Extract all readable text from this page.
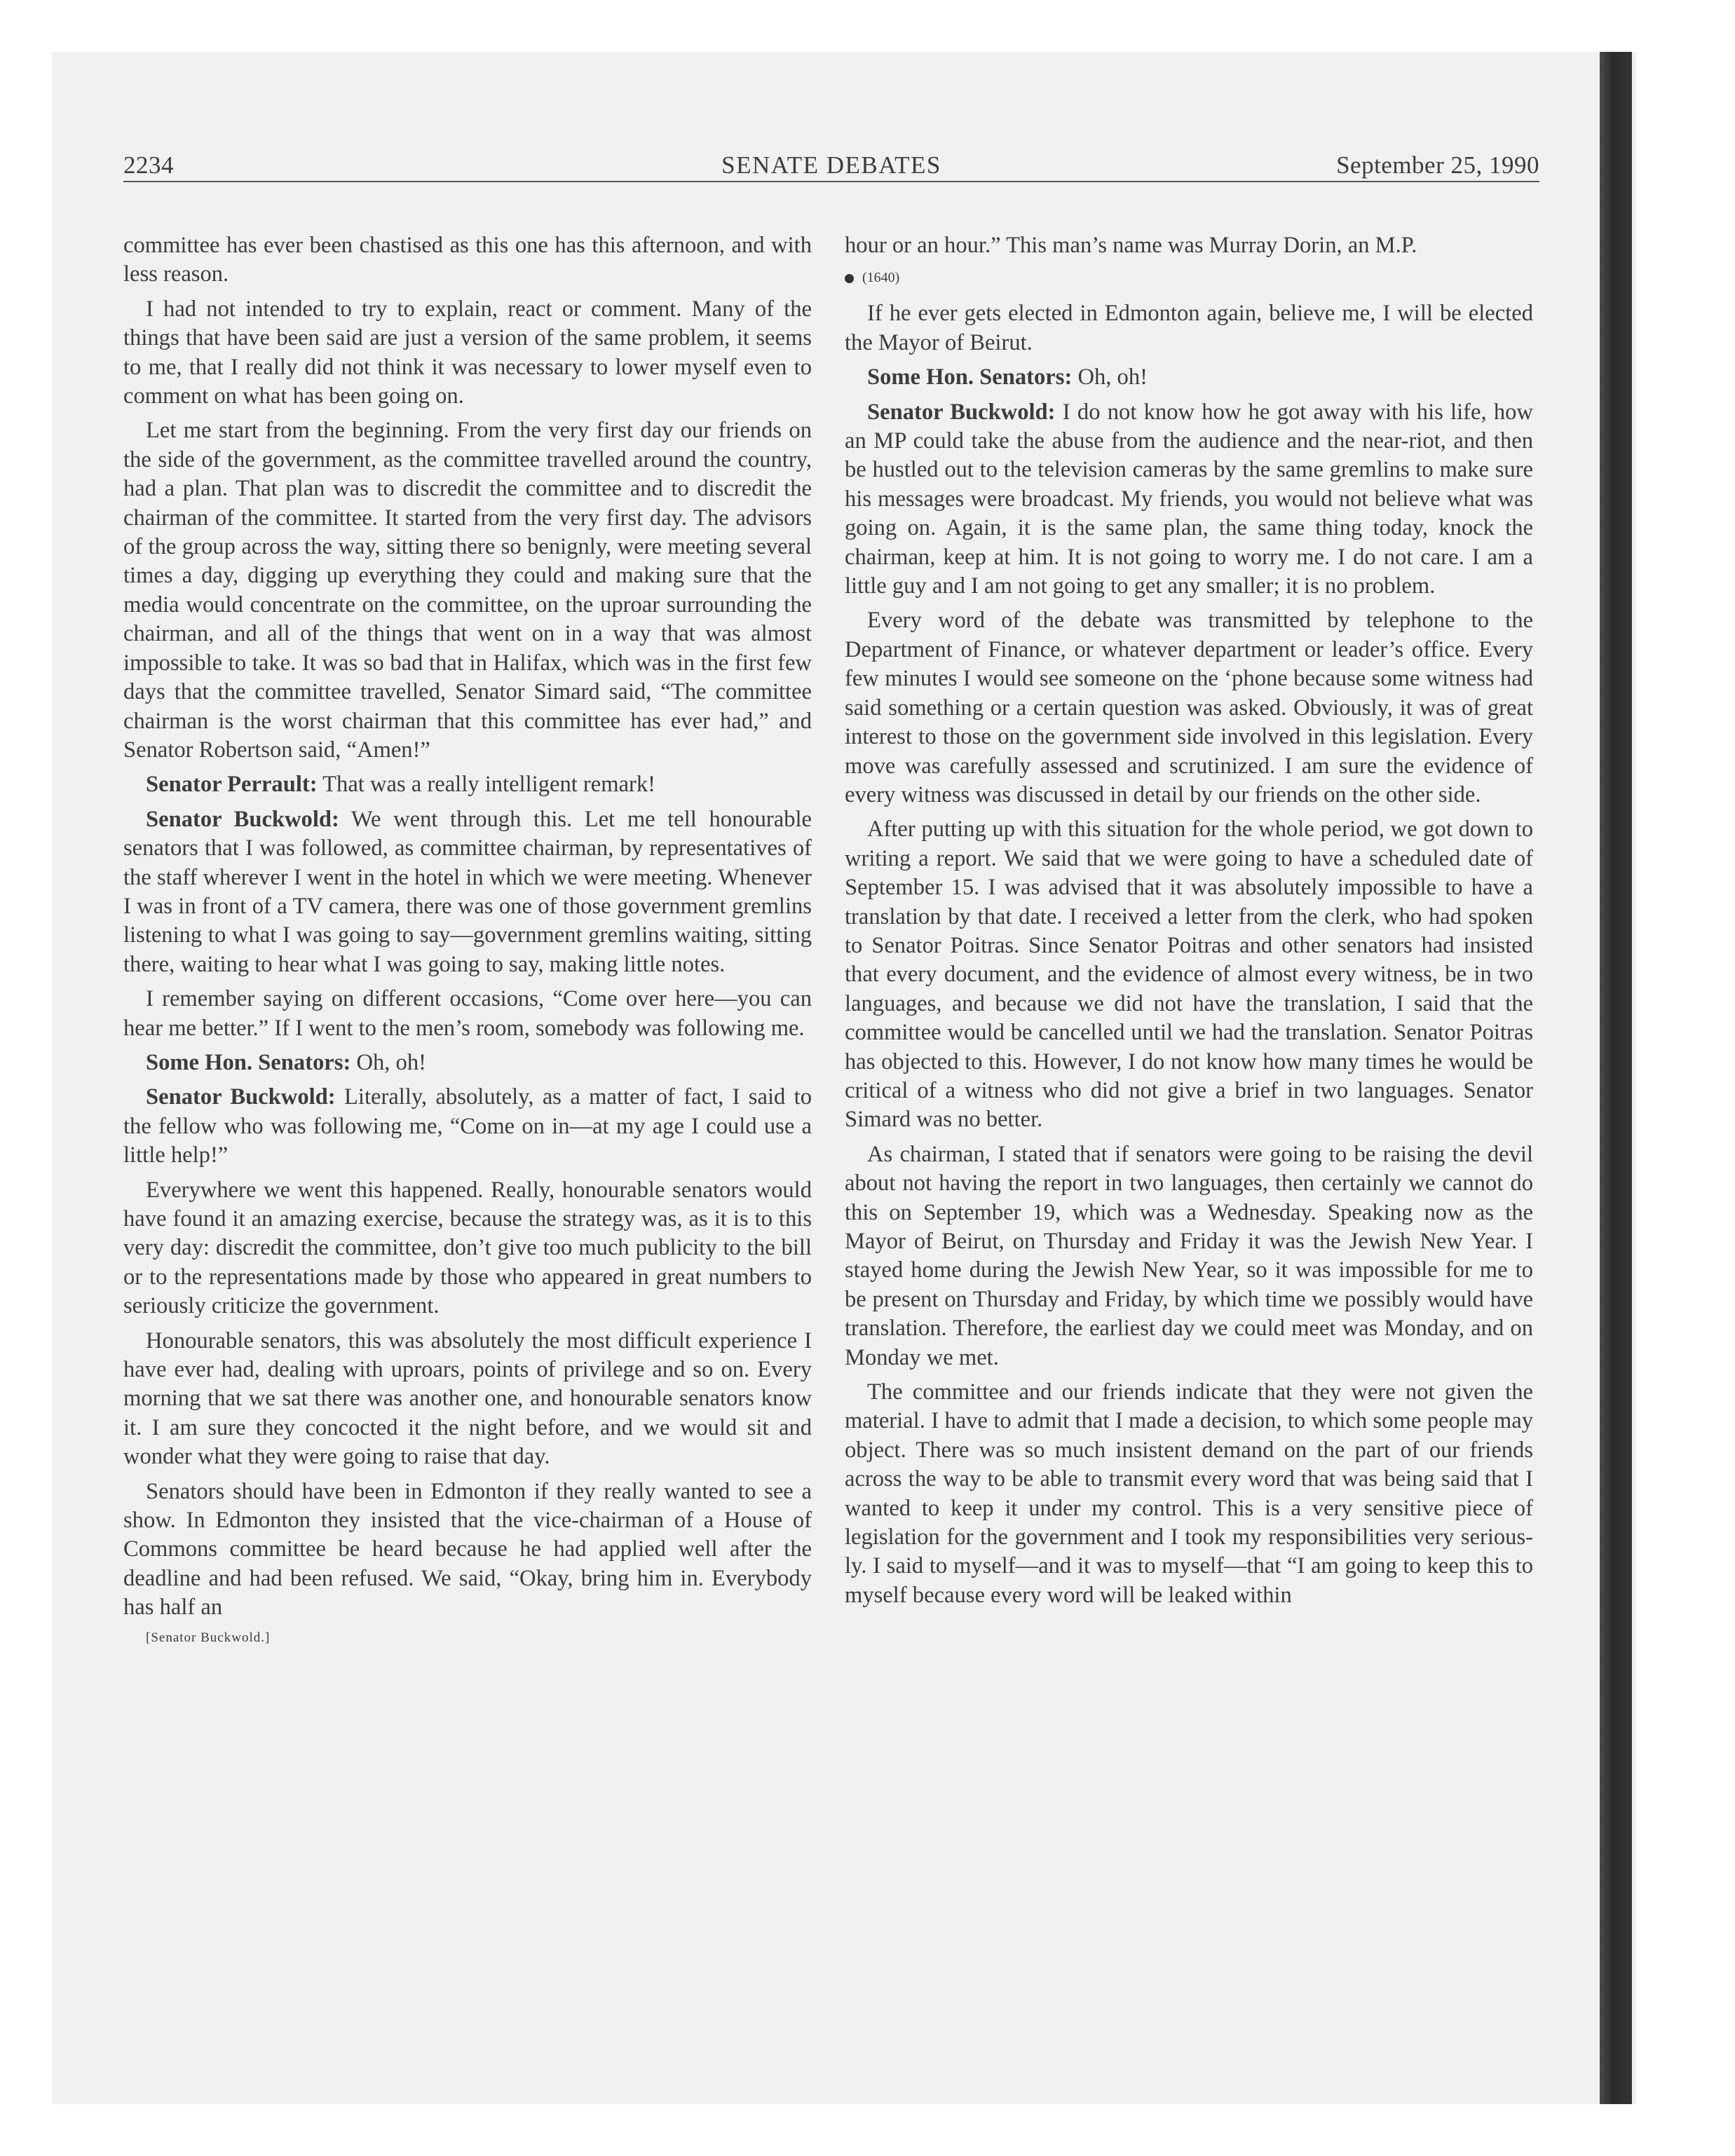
2234	SENATE DEBATES	September 25, 1990

committee has ever been chastised as this one has this afternoon, and with less reason.

I had not intended to try to explain, react or comment. Many of the things that have been said are just a version of the same problem, it seems to me, that I really did not think it was necessary to lower myself even to comment on what has been going on.

Let me start from the beginning. From the very first day our friends on the side of the government, as the committee travelled around the country, had a plan. That plan was to discredit the committee and to discredit the chairman of the committee. It started from the very first day. The advisors of the group across the way, sitting there so benignly, were meeting several times a day, digging up everything they could and making sure that the media would concentrate on the committee, on the uproar surrounding the chairman, and all of the things that went on in a way that was almost impossible to take. It was so bad that in Halifax, which was in the first few days that the committee travelled, Senator Simard said, “The committee chairman is the worst chairman that this committee has ever had,” and Senator Robertson said, “Amen!”

Senator Perrault: That was a really intelligent remark!

Senator Buckwold: We went through this. Let me tell honourable senators that I was followed, as committee chairman, by representatives of the staff wherever I went in the hotel in which we were meeting. Whenever I was in front of a TV camera, there was one of those government gremlins listening to what I was going to say—government gremlins waiting, sitting there, waiting to hear what I was going to say, making little notes.

I remember saying on different occasions, “Come over here—you can hear me better.” If I went to the men’s room, somebody was following me.

Some Hon. Senators: Oh, oh!

Senator Buckwold: Literally, absolutely, as a matter of fact, I said to the fellow who was following me, “Come on in—at my age I could use a little help!”

Everywhere we went this happened. Really, honourable senators would have found it an amazing exercise, because the strategy was, as it is to this very day: discredit the committee, don’t give too much publicity to the bill or to the representations made by those who appeared in great numbers to seriously criticize the government.

Honourable senators, this was absolutely the most difficult experience I have ever had, dealing with uproars, points of privilege and so on. Every morning that we sat there was another one, and honourable senators know it. I am sure they concocted it the night before, and we would sit and wonder what they were going to raise that day.

Senators should have been in Edmonton if they really wanted to see a show. In Edmonton they insisted that the vice-chairman of a House of Commons committee be heard because he had applied well after the deadline and had been refused. We said, “Okay, bring him in. Everybody has half an

[Senator Buckwold.]

hour or an hour.” This man’s name was Murray Dorin, an M.P.

(1640)

If he ever gets elected in Edmonton again, believe me, I will be elected the Mayor of Beirut.

Some Hon. Senators: Oh, oh!

Senator Buckwold: I do not know how he got away with his life, how an MP could take the abuse from the audience and the near-riot, and then be hustled out to the television cameras by the same gremlins to make sure his messages were broadcast. My friends, you would not believe what was going on. Again, it is the same plan, the same thing today, knock the chairman, keep at him. It is not going to worry me. I do not care. I am a little guy and I am not going to get any smaller; it is no problem.

Every word of the debate was transmitted by telephone to the Department of Finance, or whatever department or leader’s office. Every few minutes I would see someone on the ‘phone because some witness had said something or a certain question was asked. Obviously, it was of great interest to those on the government side involved in this legislation. Every move was carefully assessed and scrutinized. I am sure the evidence of every witness was discussed in detail by our friends on the other side.

After putting up with this situation for the whole period, we got down to writing a report. We said that we were going to have a scheduled date of September 15. I was advised that it was absolutely impossible to have a translation by that date. I received a letter from the clerk, who had spoken to Senator Poitras. Since Senator Poitras and other senators had insisted that every document, and the evidence of almost every witness, be in two languages, and because we did not have the translation, I said that the committee would be cancelled until we had the translation. Senator Poitras has objected to this. However, I do not know how many times he would be critical of a witness who did not give a brief in two languages. Senator Simard was no better.

As chairman, I stated that if senators were going to be raising the devil about not having the report in two languages, then certainly we cannot do this on September 19, which was a Wednesday. Speaking now as the Mayor of Beirut, on Thursday and Friday it was the Jewish New Year. I stayed home during the Jewish New Year, so it was impossible for me to be present on Thursday and Friday, by which time we possibly would have translation. Therefore, the earliest day we could meet was Monday, and on Monday we met.

The committee and our friends indicate that they were not given the material. I have to admit that I made a decision, to which some people may object. There was so much insistent demand on the part of our friends across the way to be able to transmit every word that was being said that I wanted to keep it under my control. This is a very sensitive piece of legislation for the government and I took my responsibilities very seriously. I said to myself—and it was to myself—that “I am going to keep this to myself because every word will be leaked within
